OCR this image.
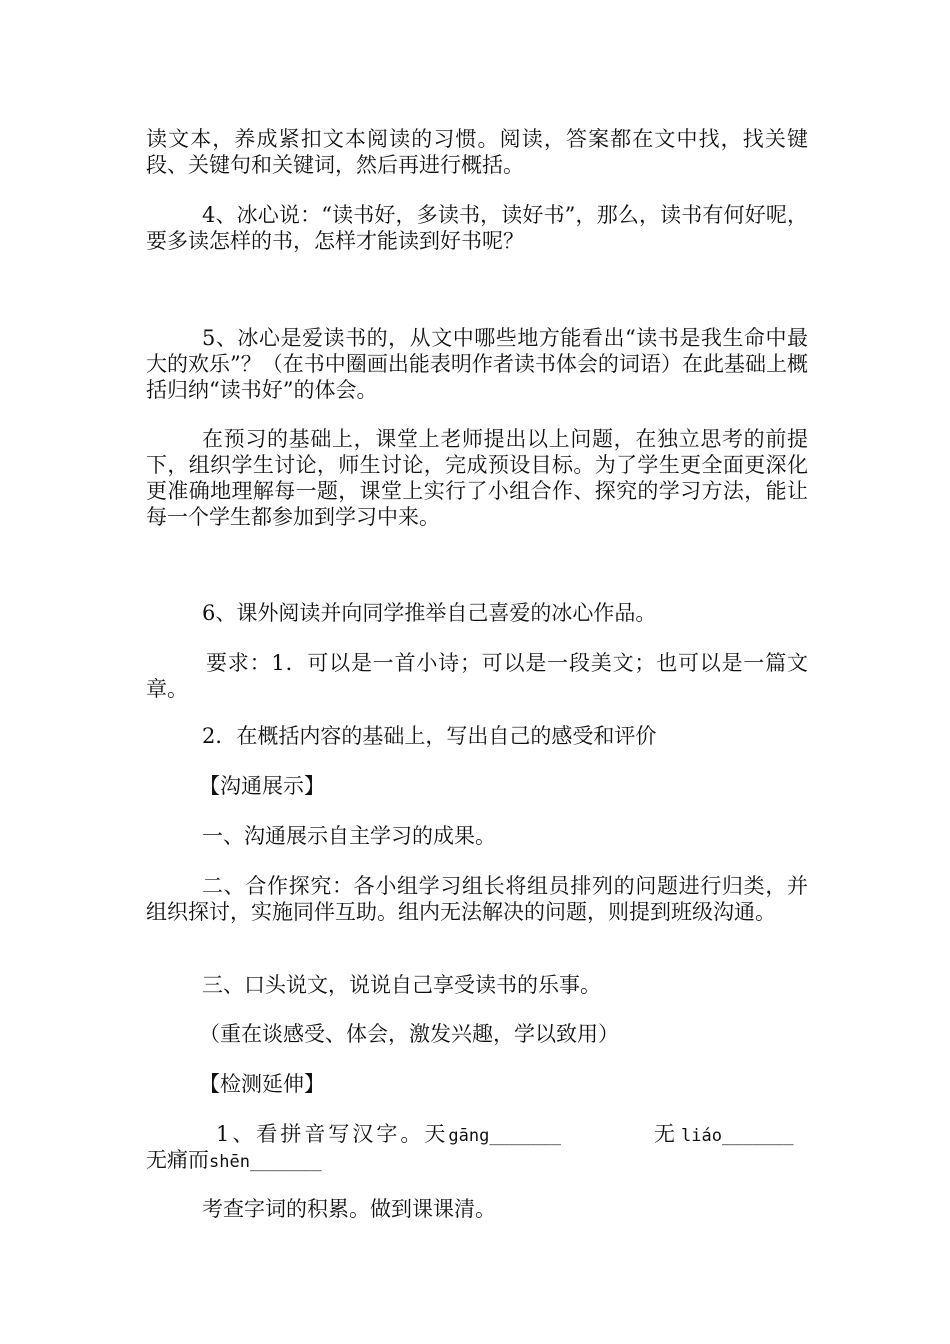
读文本，养成紧扣文本阅读的习惯。阅读，答案都在文中找，找关键段、关键句和关键词，然后再进行概括。

4、冰心说：“读书好，多读书，读好书”，那么，读书有何好呢，要多读怎样的书，怎样才能读到好书呢？

5、冰心是爱读书的，从文中哪些地方能看出“读书是我生命中最大的欢乐”？（在书中圈画出能表明作者读书体会的词语）在此基础上概括归纳“读书好”的体会。

在预习的基础上，课堂上老师提出以上问题，在独立思考的前提下，组织学生讨论，师生讨论，完成预设目标。为了学生更全面更深化更准确地理解每一题，课堂上实行了小组合作、探究的学习方法，能让每一个学生都参加到学习中来。

6、课外阅读并向同学推举自己喜爱的冰心作品。

要求：1．可以是一首小诗；可以是一段美文；也可以是一篇文章。

2．在概括内容的基础上，写出自己的感受和评价

【沟通展示】

一、沟通展示自主学习的成果。

二、合作探究：各小组学习组长将组员排列的问题进行归类，并组织探讨，实施同伴互助。组内无法解决的问题，则提到班级沟通。

三、口头说文，说说自己享受读书的乐事。

（重在谈感受、体会，激发兴趣，学以致用）

【检测延伸】

1、看拼音写汉字。天gāng_______	无 liáo_______
无痛而shēn_______

考查字词的积累。做到课课清。
